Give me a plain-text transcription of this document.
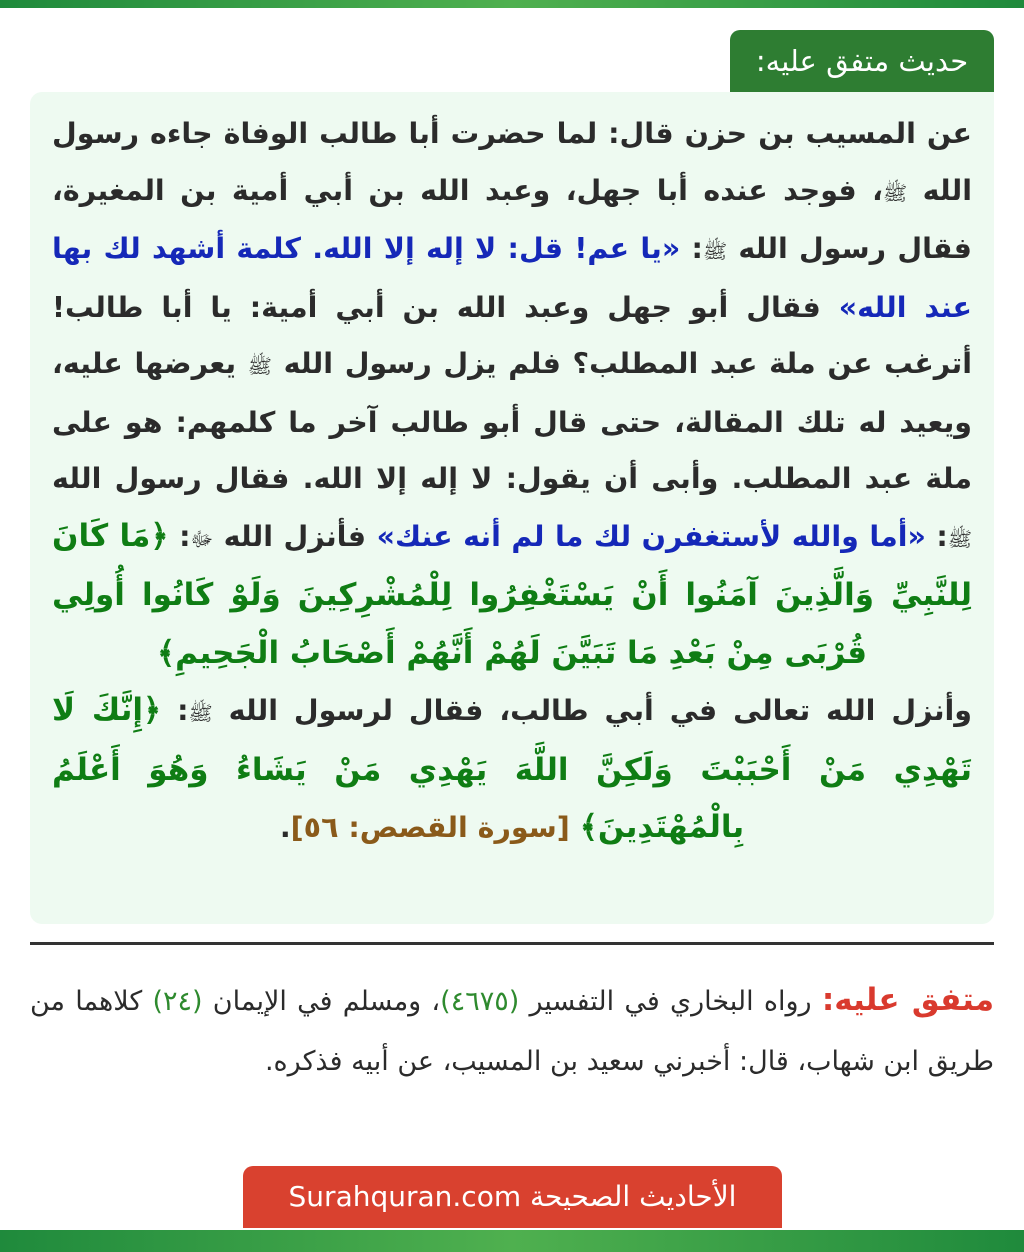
حديث متفق عليه:

عن المسيب بن حزن قال: لما حضرت أبا طالب الوفاة جاءه رسول الله ﷺ، فوجد عنده أبا جهل، وعبد الله بن أبي أمية بن المغيرة، فقال رسول الله ﷺ: «يا عم! قل: لا إله إلا الله. كلمة أشهد لك بها عند الله» فقال أبو جهل وعبد الله بن أبي أمية: يا أبا طالب! أترغب عن ملة عبد المطلب؟ فلم يزل رسول الله ﷺ يعرضها عليه، ويعيد له تلك المقالة، حتى قال أبو طالب آخر ما كلمهم: هو على ملة عبد المطلب. وأبى أن يقول: لا إله إلا الله. فقال رسول الله ﷺ: «أما والله لأستغفرن لك ما لم أنه عنك» فأنزل الله ﷻ: ﴿مَا كَانَ لِلنَّبِيِّ وَالَّذِينَ آمَنُوا أَنْ يَسْتَغْفِرُوا لِلْمُشْرِكِينَ وَلَوْ كَانُوا أُولِي قُرْبَى مِنْ بَعْدِ مَا تَبَيَّنَ لَهُمْ أَنَّهُمْ أَصْحَابُ الْجَحِيمِ﴾

وأنزل الله تعالى في أبي طالب، فقال لرسول الله ﷺ: ﴿إِنَّكَ لَا تَهْدِي مَنْ أَحْبَبْتَ وَلَكِنَّ اللَّهَ يَهْدِي مَنْ يَشَاءُ وَهُوَ أَعْلَمُ بِالْمُهْتَدِينَ﴾ [سورة القصص: ٥٦].

متفق عليه: رواه البخاري في التفسير (٤٦٧٥)، ومسلم في الإيمان (٢٤) كلاهما من طريق ابن شهاب، قال: أخبرني سعيد بن المسيب، عن أبيه فذكره.
الأحاديث الصحيحة Surahquran.com
